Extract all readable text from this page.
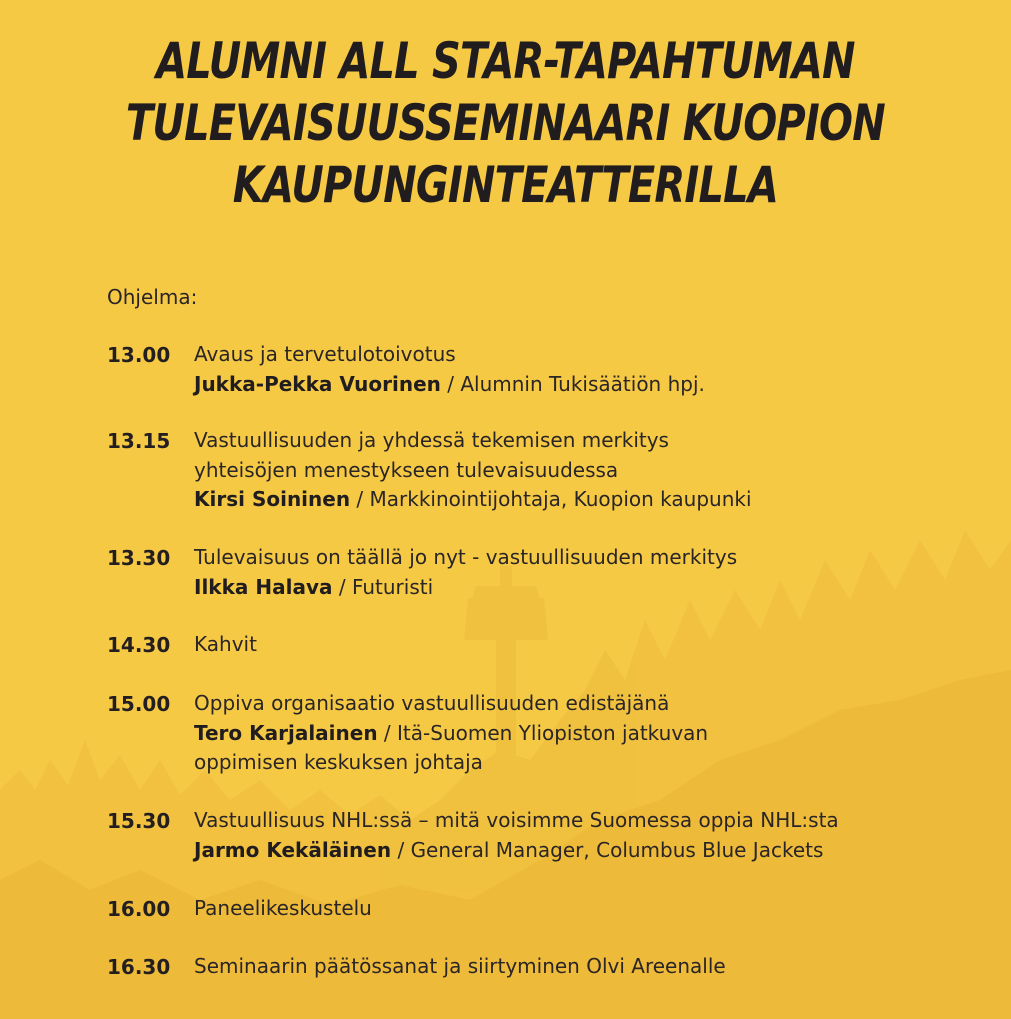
ALUMNI ALL STAR-TAPAHTUMAN
TULEVAISUUSSEMINAARI KUOPION
KAUPUNGINTEATTERILLA
Ohjelma:
13.00	Avaus ja tervetulotoivotus
Jukka-Pekka Vuorinen / Alumnin Tukisäätiön hpj.
13.15	Vastuullisuuden ja yhdessä tekemisen merkitys
yhteisöjen menestykseen tulevaisuudessa
Kirsi Soininen / Markkinointijohtaja, Kuopion kaupunki
13.30	Tulevaisuus on täällä jo nyt - vastuullisuuden merkitys
Ilkka Halava / Futuristi
14.30	Kahvit
15.00	Oppiva organisaatio vastuullisuuden edistäjänä
Tero Karjalainen / Itä-Suomen Yliopiston jatkuvan
oppimisen keskuksen johtaja
15.30	Vastuullisuus NHL:ssä – mitä voisimme Suomessa oppia NHL:sta
Jarmo Kekäläinen / General Manager, Columbus Blue Jackets
16.00	Paneelikeskustelu
16.30	Seminaarin päätössanat ja siirtyminen Olvi Areenalle
